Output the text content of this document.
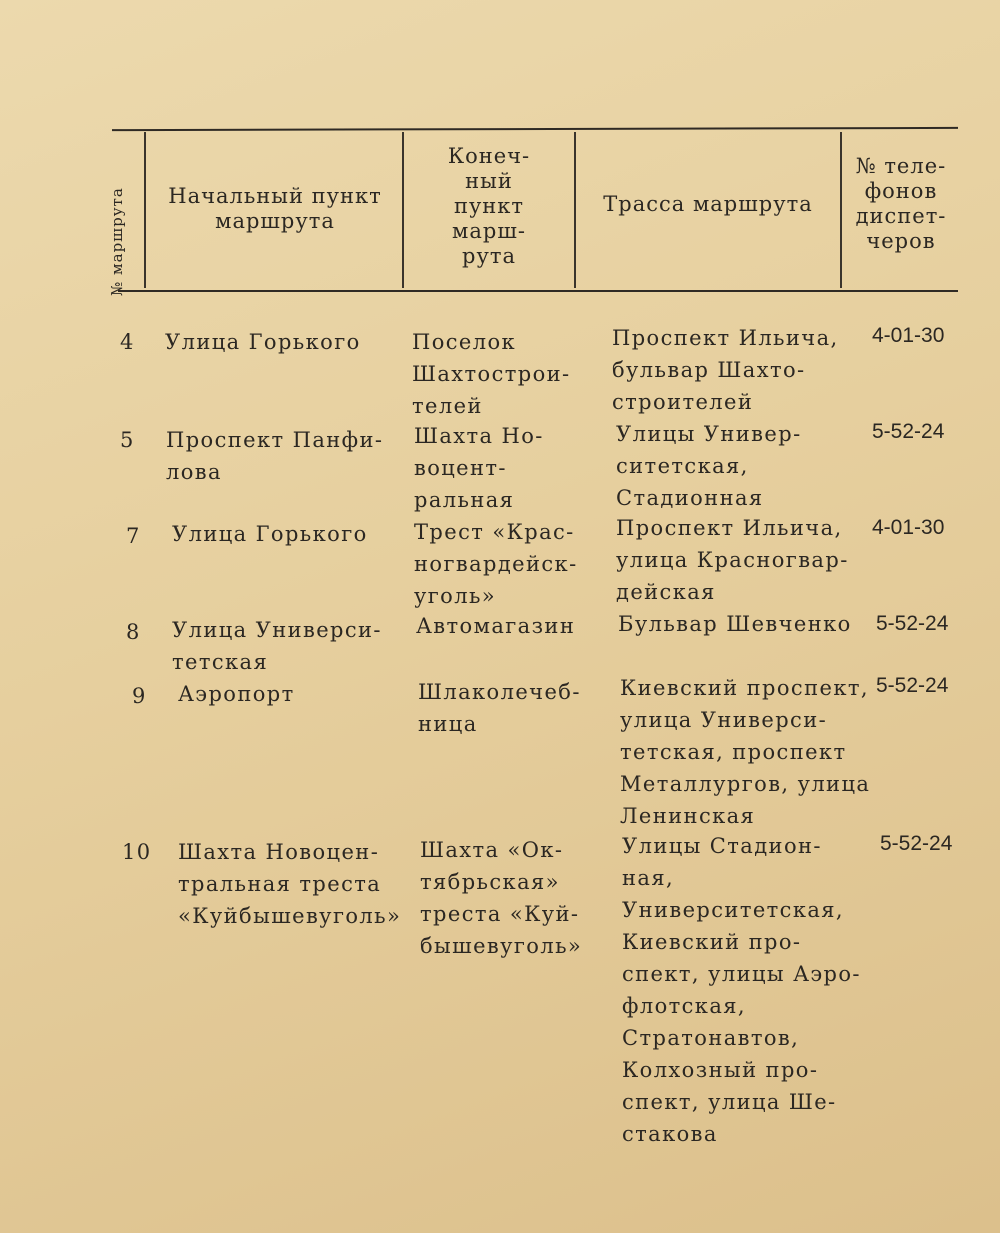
№ маршрута	Начальный пункт
маршрута
Конеч-
ный
пункт
марш-
рута
Трасса маршрута
№ теле-
фонов
диспет-
черов
4 Улица Горького Поселок
Шахтострои-
телей
Проспект Ильича,
бульвар Шахто-
строителей
4-01-30
5 Проспект Панфи-
лова
Шахта Но-
воцент-
ральная
Улицы Универ-
ситетская,
Стадионная
5-52-24
7 Улица Горького Трест «Крас-
ногвардейск-
уголь»
Проспект Ильича,
улица Красногвар-
дейская
4-01-30
8 Улица Универси-
тетская
Автомагазин Бульвар Шевченко 5-52-24
9 Аэропорт	Шлаколечеб-
ница
Киевский проспект,
улица Универси-
тетская, проспект
Металлургов, улица
Ленинская
5-52-24
10 Шахта Новоцен-
тральная треста
«Куйбышевуголь»
Шахта «Ок-
тябрьская»
треста «Куй-
бышевуголь»
Улицы Стадион-
ная,
Университетская,
Киевский про-
спект, улицы Аэро-
флотская,
Стратонавтов,
Колхозный про-
спект, улица Ше-
стакова
5-52-24
